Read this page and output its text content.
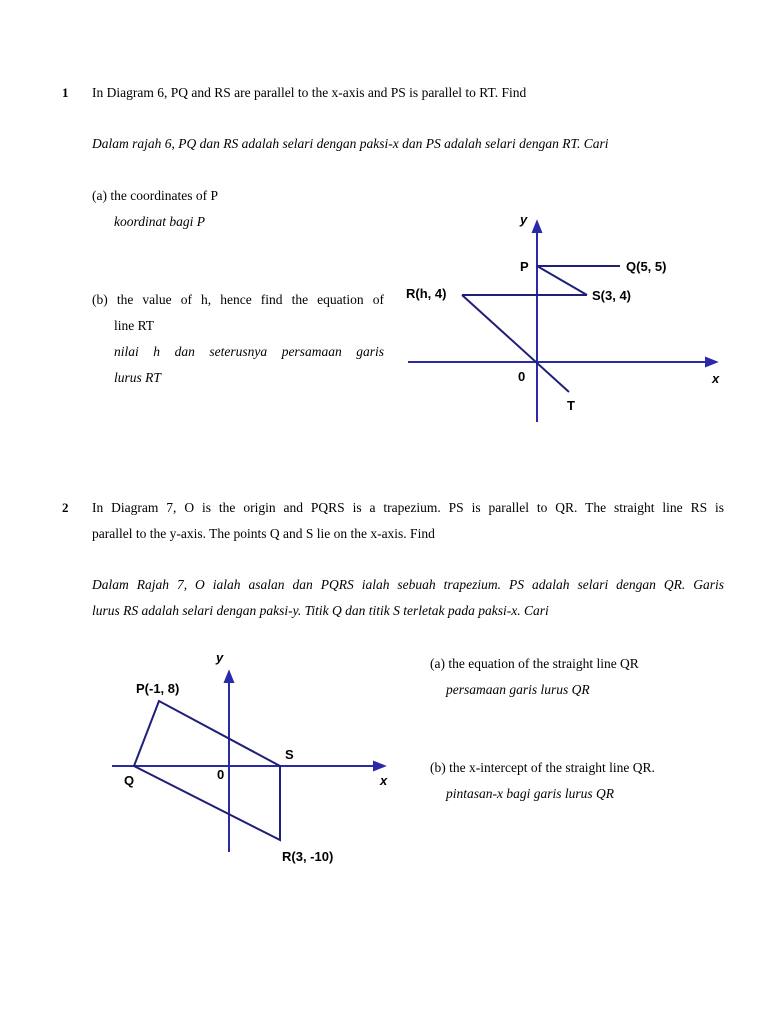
1 In Diagram 6, PQ and RS are parallel to the x-axis and PS is parallel to RT. Find
Dalam rajah 6, PQ dan RS adalah selari dengan paksi-x dan PS adalah selari dengan RT. Cari
(a) the coordinates of P
koordinat bagi P
(b) the value of h, hence find the equation of
line RT
nilai h dan seterusnya persamaan garis
lurus RT
y
x
0
P	Q(5, 5)
R(h, 4)	S(3, 4)
T
2 In Diagram 7, O is the origin and PQRS is a trapezium. PS is parallel to QR. The straight line RS is
parallel to the y-axis. The points Q and S lie on the x-axis. Find
Dalam Rajah 7, O ialah asalan dan PQRS ialah sebuah trapezium. PS adalah selari dengan QR. Garis
lurus RS adalah selari dengan paksi-y. Titik Q dan titik S terletak pada paksi-x. Cari
(a) the equation of the straight line QR
persamaan garis lurus QR
(b) the x-intercept of the straight line QR.
pintasan-x bagi garis lurus QR
y
x
0
P(-1, 8)
Q
S
R(3, -10)
